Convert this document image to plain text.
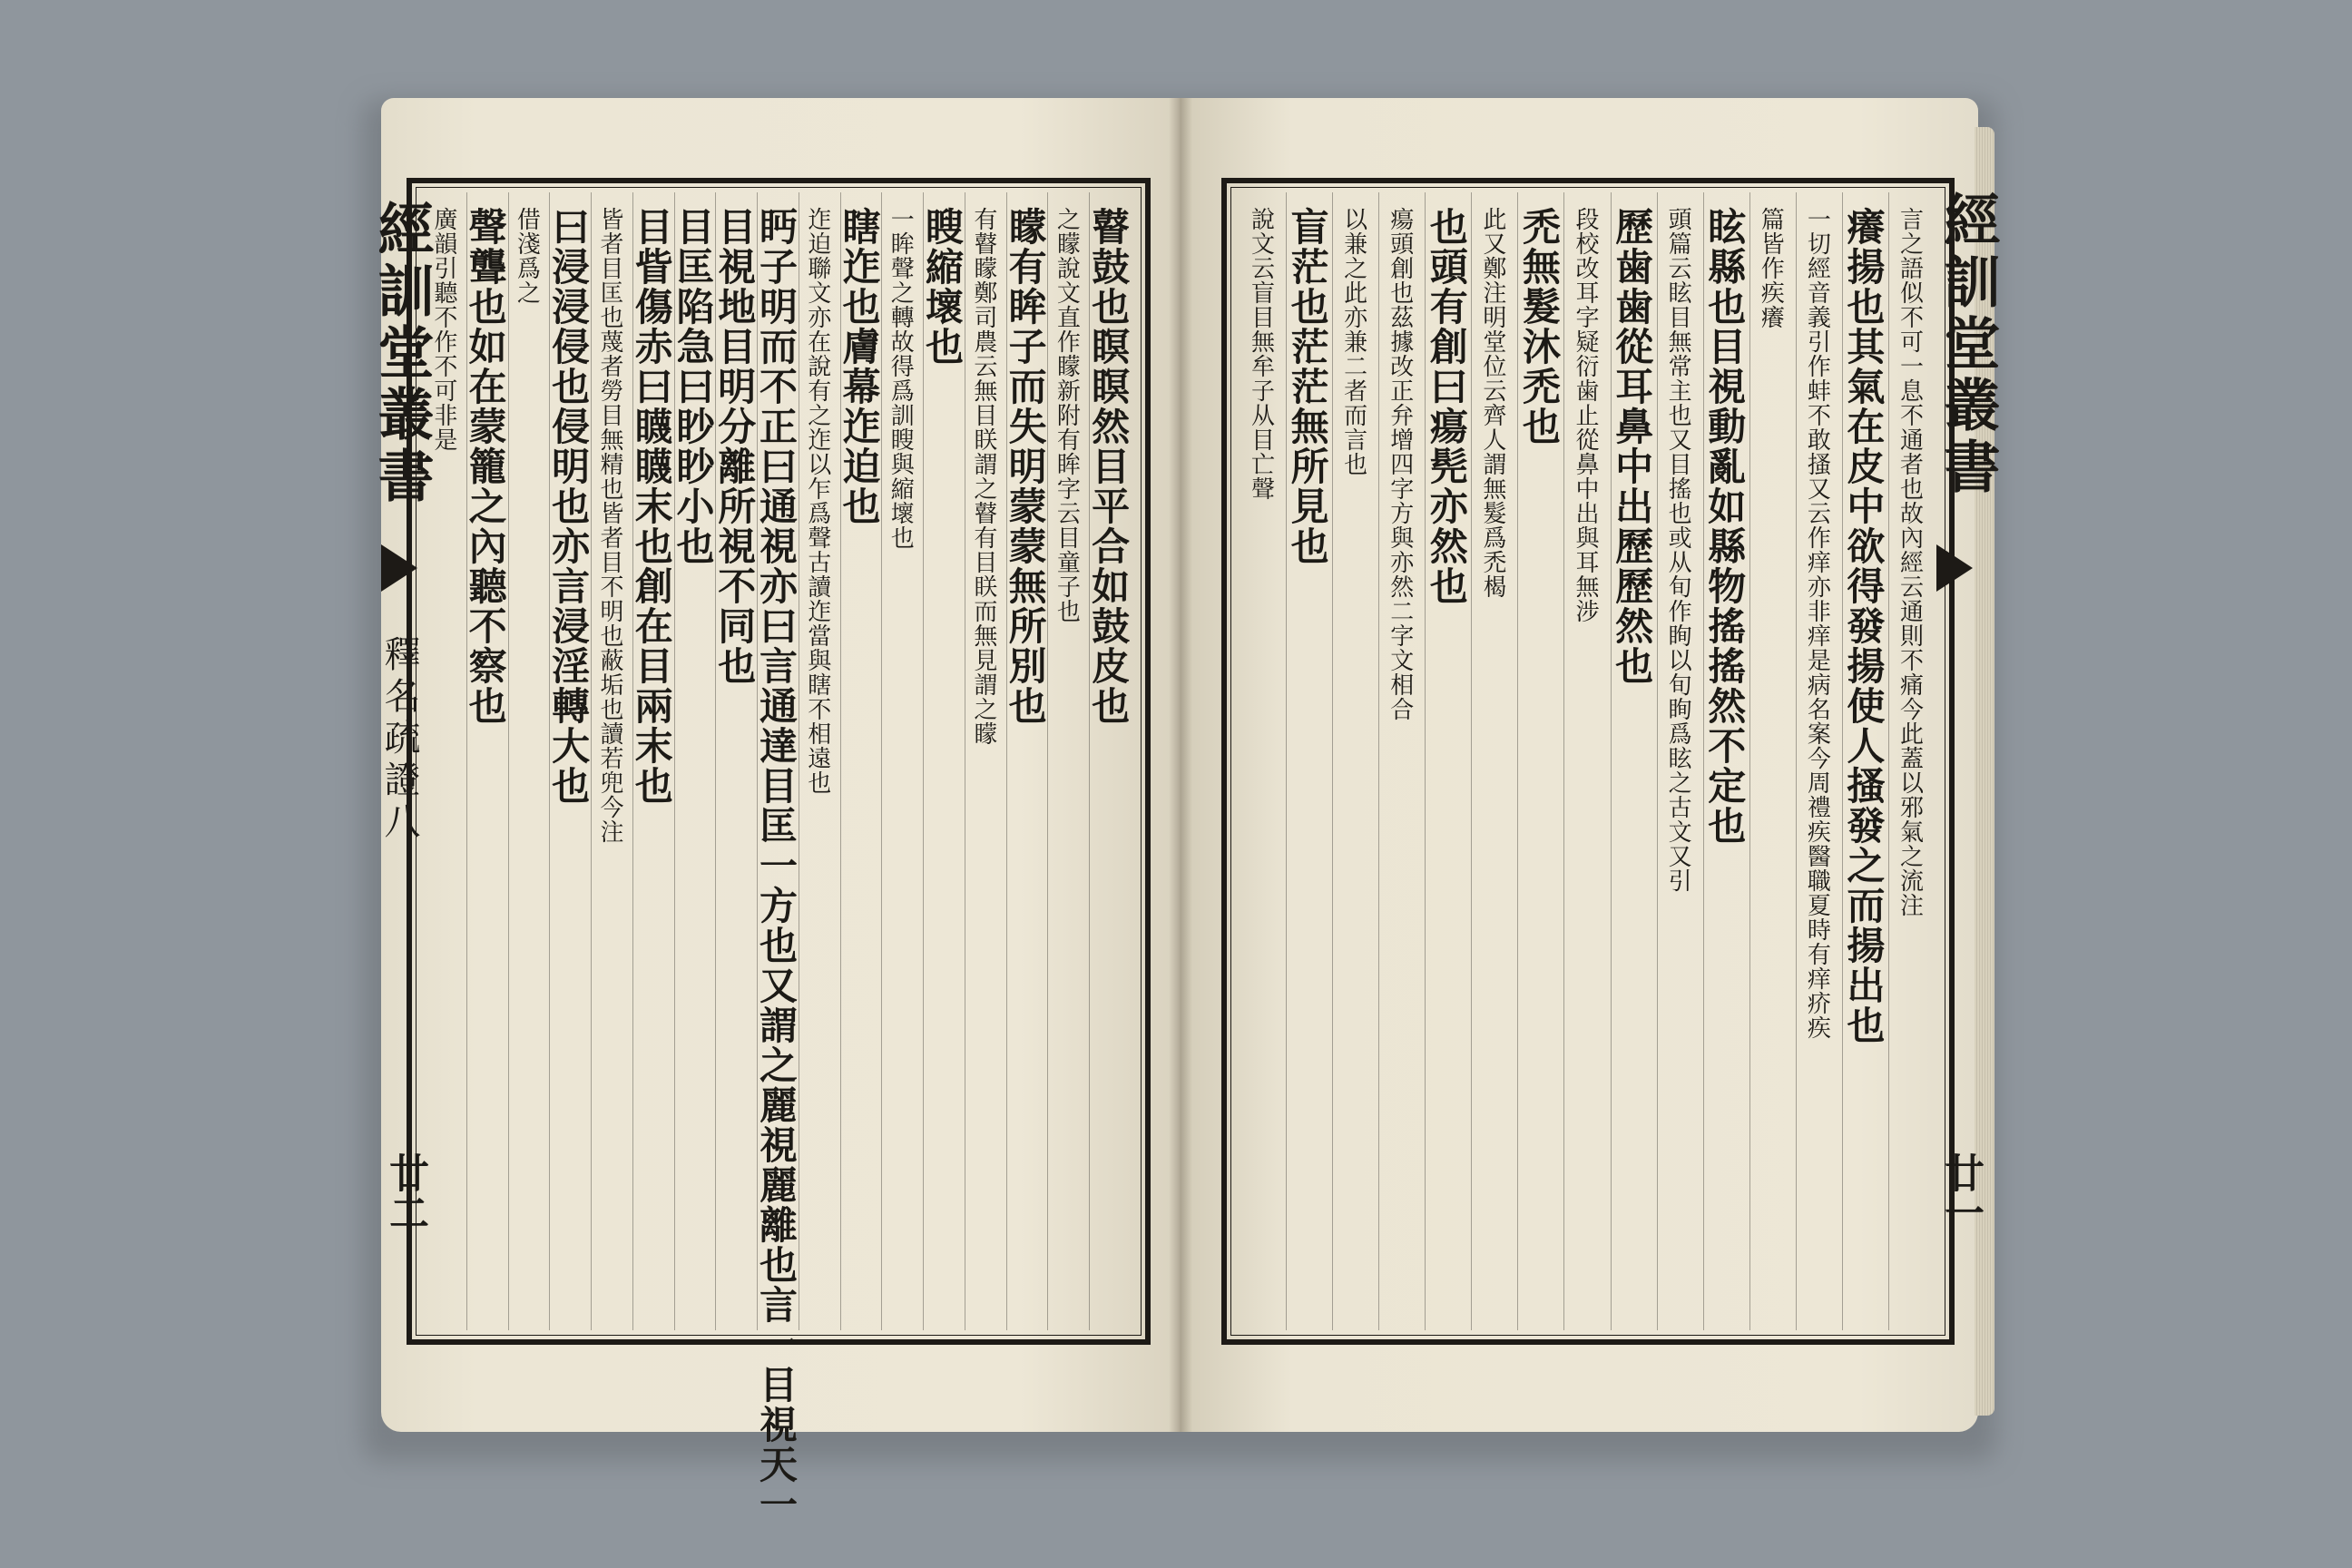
瞽鼓也瞑瞑然目平合如鼓皮也
之矇說文直作矇新附有眸字云目童子也
矇有眸子而失明蒙蒙無所別也
有瞽矇鄭司農云無目眹謂之瞽有目眹而無見謂之矇
瞍縮壞也
一眸聲之轉故得爲訓瞍與縮壞也
瞎迮也膚幕迮迫也
迮迫聯文亦在說有之迮以乍爲聲古讀迮當與瞎不相遠也
眄子明而不正曰通視亦曰言通達目匡一方也又謂之麗視麗離也言一目視天一
目視地目明分離所視不同也
目匡陷急曰眇眇小也
目眥傷赤曰䁾䁾末也創在目兩末也
皆者目匡也蔑者勞目無精也皆者目不明也蔽垢也讀若兜今注
曰浸浸侵也侵明也亦言浸淫轉大也
借淺爲之
聲聾也如在蒙籠之內聽不察也
廣韻引聽不作不可非是
經訓堂叢書
釋名疏證八
廿二
言之語似不可一息不通者也故內經云通則不痛今此蓋以邪氣之流注
癢揚也其氣在皮中欲得發揚使人搔發之而揚出也
一切經音義引作蚌不敢搔又云作痒亦非痒是病名案今周禮疾醫職夏時有痒疥疾
篇皆作疾癢
眩縣也目視動亂如縣物搖搖然不定也
頭篇云眩目無常主也又目搖也或从旬作眴以旬眴爲眩之古文又引
歷歯歯從耳鼻中出歷歷然也
段校改耳字疑衍歯止從鼻中出與耳無涉
禿無髮沐禿也
此又鄭注明堂位云齊人謂無髮爲禿楬
也頭有創曰瘍髡亦然也
瘍頭創也茲據改正弁增四字方與亦然二字文相合
以兼之此亦兼二者而言也
盲茫也茫茫無所見也
說文云盲目無牟子从目亡聲	經訓堂叢書
廿一
